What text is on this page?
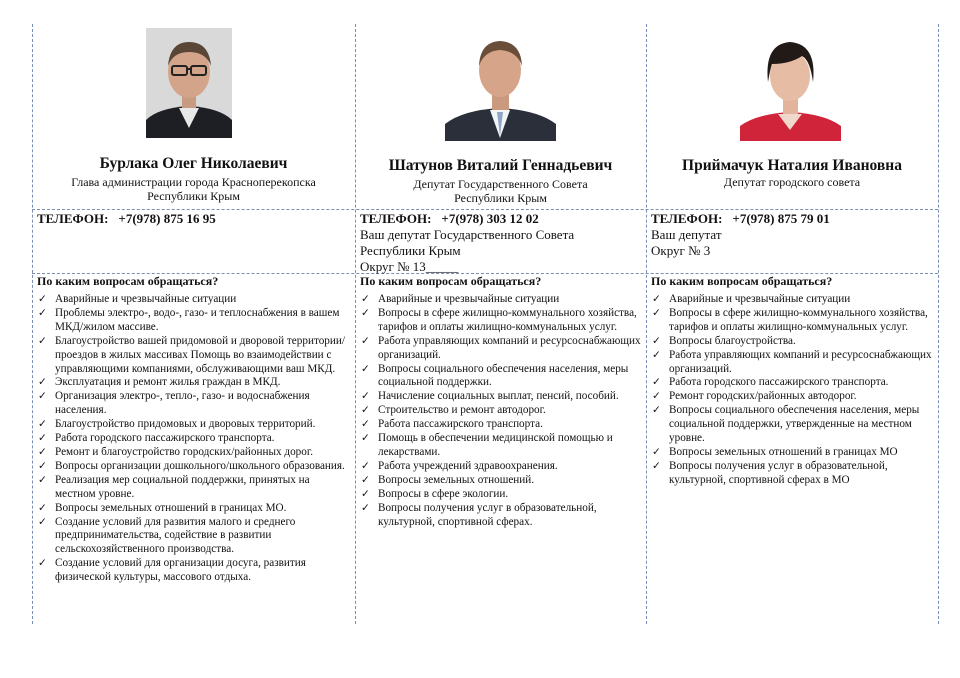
Бурлака Олег Николаевич
Глава администрации города Красноперекопска
Республики Крым
ТЕЛЕФОН: +7(978) 875 16 95
По каким вопросам обращаться?
✓ Аварийные и чрезвычайные ситуации
✓ Проблемы электро-, водо-, газо- и теплоснабжения в вашем МКД/жилом массиве.
✓ Благоустройство вашей придомовой и дворовой территории/проездов в жилых массивах Помощь во взаимодействии с управляющими компаниями, обслуживающими ваш МКД.
✓ Эксплуатация и ремонт жилья граждан в МКД.
✓ Организация электро-, тепло-, газо- и водоснабжения населения.
✓ Благоустройство придомовых и дворовых территорий.
✓ Работа городского пассажирского транспорта.
✓ Ремонт и благоустройство городских/районных дорог.
✓ Вопросы организации дошкольного/школьного образования.
✓ Реализация мер социальной поддержки, принятых на местном уровне.
✓ Вопросы земельных отношений в границах МО.
✓ Создание условий для развития малого и среднего предпринимательства, содействие в развитии сельскохозяйственного производства.
✓ Создание условий для организации досуга, развития физической культуры, массового отдыха.
Шатунов Виталий Геннадьевич
Депутат Государственного Совета
Республики Крым
ТЕЛЕФОН: +7(978) 303 12 02
Ваш депутат Государственного Совета
Республики Крым
Округ № 13_____
По каким вопросам обращаться?
✓ Аварийные и чрезвычайные ситуации
✓ Вопросы в сфере жилищно-коммунального хозяйства, тарифов и оплаты жилищно-коммунальных услуг.
✓ Работа управляющих компаний и ресурсоснабжающих организаций.
✓ Вопросы социального обеспечения населения, меры социальной поддержки.
✓ Начисление социальных выплат, пенсий, пособий.
✓ Строительство и ремонт автодорог.
✓ Работа пассажирского транспорта.
✓ Помощь в обеспечении медицинской помощью и лекарствами.
✓ Работа учреждений здравоохранения.
✓ Вопросы земельных отношений.
✓ Вопросы в сфере экологии.
✓ Вопросы получения услуг в образовательной, культурной, спортивной сферах.
Приймачук Наталия Ивановна
Депутат городского совета
ТЕЛЕФОН: +7(978) 875 79 01
Ваш депутат
Округ № 3
По каким вопросам обращаться?
✓ Аварийные и чрезвычайные ситуации
✓ Вопросы в сфере жилищно-коммунального хозяйства, тарифов и оплаты жилищно-коммунальных услуг.
✓ Вопросы благоустройства.
✓ Работа управляющих компаний и ресурсоснабжающих организаций.
✓ Работа городского пассажирского транспорта.
✓ Ремонт городских/районных автодорог.
✓ Вопросы социального обеспечения населения, меры социальной поддержки, утвержденные на местном уровне.
✓ Вопросы земельных отношений в границах МО
✓ Вопросы получения услуг в образовательной, культурной, спортивной сферах в МО
